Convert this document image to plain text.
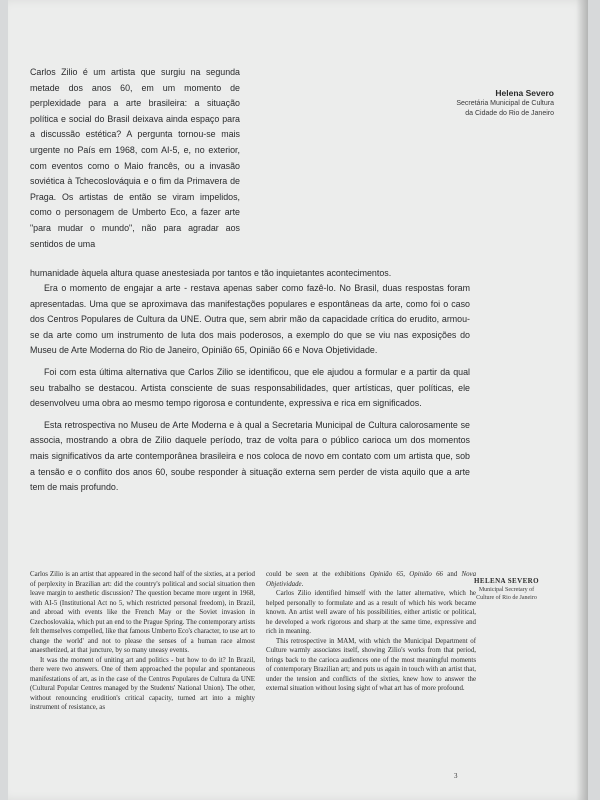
Carlos Zilio é um artista que surgiu na segunda metade dos anos 60, em um momento de perplexidade para a arte brasileira: a situação política e social do Brasil deixava ainda espaço para a discussão estética? A pergunta tornou-se mais urgente no País em 1968, com AI-5, e, no exterior, com eventos como o Maio francês, ou a invasão soviética à Tchecoslováquia e o fim da Primavera de Praga. Os artistas de então se viram impelidos, como o personagem de Umberto Eco, a fazer arte "para mudar o mundo", não para agradar aos sentidos de uma

humanidade àquela altura quase anestesiada por tantos e tão inquietantes acontecimentos.

Helena Severo
Secretária Municipal de Cultura
da Cidade do Rio de Janeiro

Era o momento de engajar a arte - restava apenas saber como fazê-lo. No Brasil, duas respostas foram apresentadas. Uma que se aproximava das manifestações populares e espontâneas da arte, como foi o caso dos Centros Populares de Cultura da UNE. Outra que, sem abrir mão da capacidade crítica do erudito, armou-se da arte como um instrumento de luta dos mais poderosos, a exemplo do que se viu nas exposições do Museu de Arte Moderna do Rio de Janeiro, Opinião 65, Opinião 66 e Nova Objetividade.

Foi com esta última alternativa que Carlos Zilio se identificou, que ele ajudou a formular e a partir da qual seu trabalho se destacou. Artista consciente de suas responsabilidades, quer artísticas, quer políticas, ele desenvolveu uma obra ao mesmo tempo rigorosa e contundente, expressiva e rica em significados.

Esta retrospectiva no Museu de Arte Moderna e à qual a Secretaria Municipal de Cultura calorosamente se associa, mostrando a obra de Zilio daquele período, traz de volta para o público carioca um dos momentos mais significativos da arte contemporânea brasileira e nos coloca de novo em contato com um artista que, sob a tensão e o conflito dos anos 60, soube responder à situação externa sem perder de vista aquilo que a arte tem de mais profundo.

Carlos Zilio is an artist that appeared in the second half of the sixties, at a period of perplexity in Brazilian art: did the country's political and social situation then leave margin to aesthetic discussion? The question became more urgent in 1968, with AI-5 (Institutional Act no 5, which restricted personal freedom), in Brazil, and abroad with events like the French May or the Soviet invasion in Czechoslovakia, which put an end to the Prague Spring. The contemporary artists felt themselves compelled, like that famous Umberto Eco's character, to use art to change the world' and not to please the senses of a human race almost anaesthetized, at that juncture, by so many uneasy events.

It was the moment of uniting art and politics - but how to do it? In Brazil, there were two answers. One of them approached the popular and spontaneous manifestations of art, as in the case of the Centros Populares de Cultura da UNE (Cultural Popular Centres managed by the Students' National Union). The other, without renouncing erudition's critical capacity, turned art into a mighty instrument of resistance, as

could be seen at the exhibitions Opinião 65, Opinião 66 and Nova Objetividade.

Carlos Zilio identified himself with the latter alternative, which he helped personally to formulate and as a result of which his work became known. An artist well aware of his possibilities, either artistic or political, he developed a work rigorous and sharp at the same time, expressive and rich in meaning.

This retrospective in MAM, with which the Municipal Department of Culture warmly associates itself, showing Zilio's works from that period, brings back to the carioca audiences one of the most meaningful moments of contemporary Brazilian art; and puts us again in touch with an artist that, under the tension and conflicts of the sixties, knew how to answer the external situation without losing sight of what art has of more profound.

HELENA SEVERO
Municipal Secretary of
Culture of Rio de Janeiro
3
